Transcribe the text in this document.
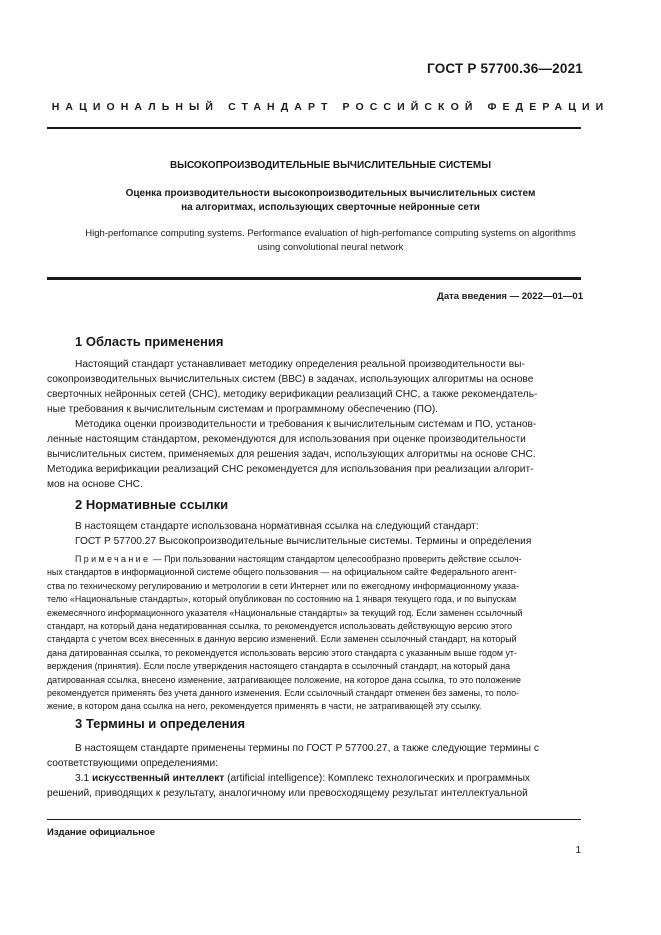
ГОСТ Р 57700.36—2021
НАЦИОНАЛЬНЫЙ СТАНДАРТ РОССИЙСКОЙ ФЕДЕРАЦИИ
ВЫСОКОПРОИЗВОДИТЕЛЬНЫЕ ВЫЧИСЛИТЕЛЬНЫЕ СИСТЕМЫ
Оценка производительности высокопроизводительных вычислительных систем
на алгоритмах, использующих сверточные нейронные сети
High-perfomance computing systems. Performance evaluation of high-perfomance computing systems on algorithms
using convolutional neural network
Дата введения — 2022—01—01
1 Область применения
Настоящий стандарт устанавливает методику определения реальной производительности вы-
сокопроизводительных вычислительных систем (ВВС) в задачах, использующих алгоритмы на основе
сверточных нейронных сетей (СНС), методику верификации реализаций СНС, а также рекомендатель-
ные требования к вычислительным системам и программному обеспечению (ПО).
Методика оценки производительности и требования к вычислительным системам и ПО, установ-
ленные настоящим стандартом, рекомендуются для использования при оценке производительности
вычислительных систем, применяемых для решения задач, использующих алгоритмы на основе СНС.
Методика верификации реализаций СНС рекомендуется для использования при реализации алгорит-
мов на основе СНС.
2 Нормативные ссылки
В настоящем стандарте использована нормативная ссылка на следующий стандарт:
ГОСТ Р 57700.27 Высокопроизводительные вычислительные системы. Термины и определения
Примечание — При пользовании настоящим стандартом целесообразно проверить действие ссылоч-
ных стандартов в информационной системе общего пользования — на официальном сайте Федерального агент-
ства по техническому регулированию и метрологии в сети Интернет или по ежегодному информационному указа-
телю «Национальные стандарты», который опубликован по состоянию на 1 января текущего года, и по выпускам
ежемесячного информационного указателя «Национальные стандарты» за текущий год. Если заменен ссылочный
стандарт, на который дана недатированная ссылка, то рекомендуется использовать действующую версию этого
стандарта с учетом всех внесенных в данную версию изменений. Если заменен ссылочный стандарт, на который
дана датированная ссылка, то рекомендуется использовать версию этого стандарта с указанным выше годом ут-
верждения (принятия). Если после утверждения настоящего стандарта в ссылочный стандарт, на который дана
датированная ссылка, внесено изменение, затрагивающее положение, на которое дана ссылка, то это положение
рекомендуется применять без учета данного изменения. Если ссылочный стандарт отменен без замены, то поло-
жение, в котором дана ссылка на него, рекомендуется применять в части, не затрагивающей эту ссылку.
3 Термины и определения
В настоящем стандарте применены термины по ГОСТ Р 57700.27, а также следующие термины с
соответствующими определениями:
3.1 искусственный интеллект (artificial intelligence): Комплекс технологических и программных
решений, приводящих к результату, аналогичному или превосходящему результат интеллектуальной
Издание официальное
1
